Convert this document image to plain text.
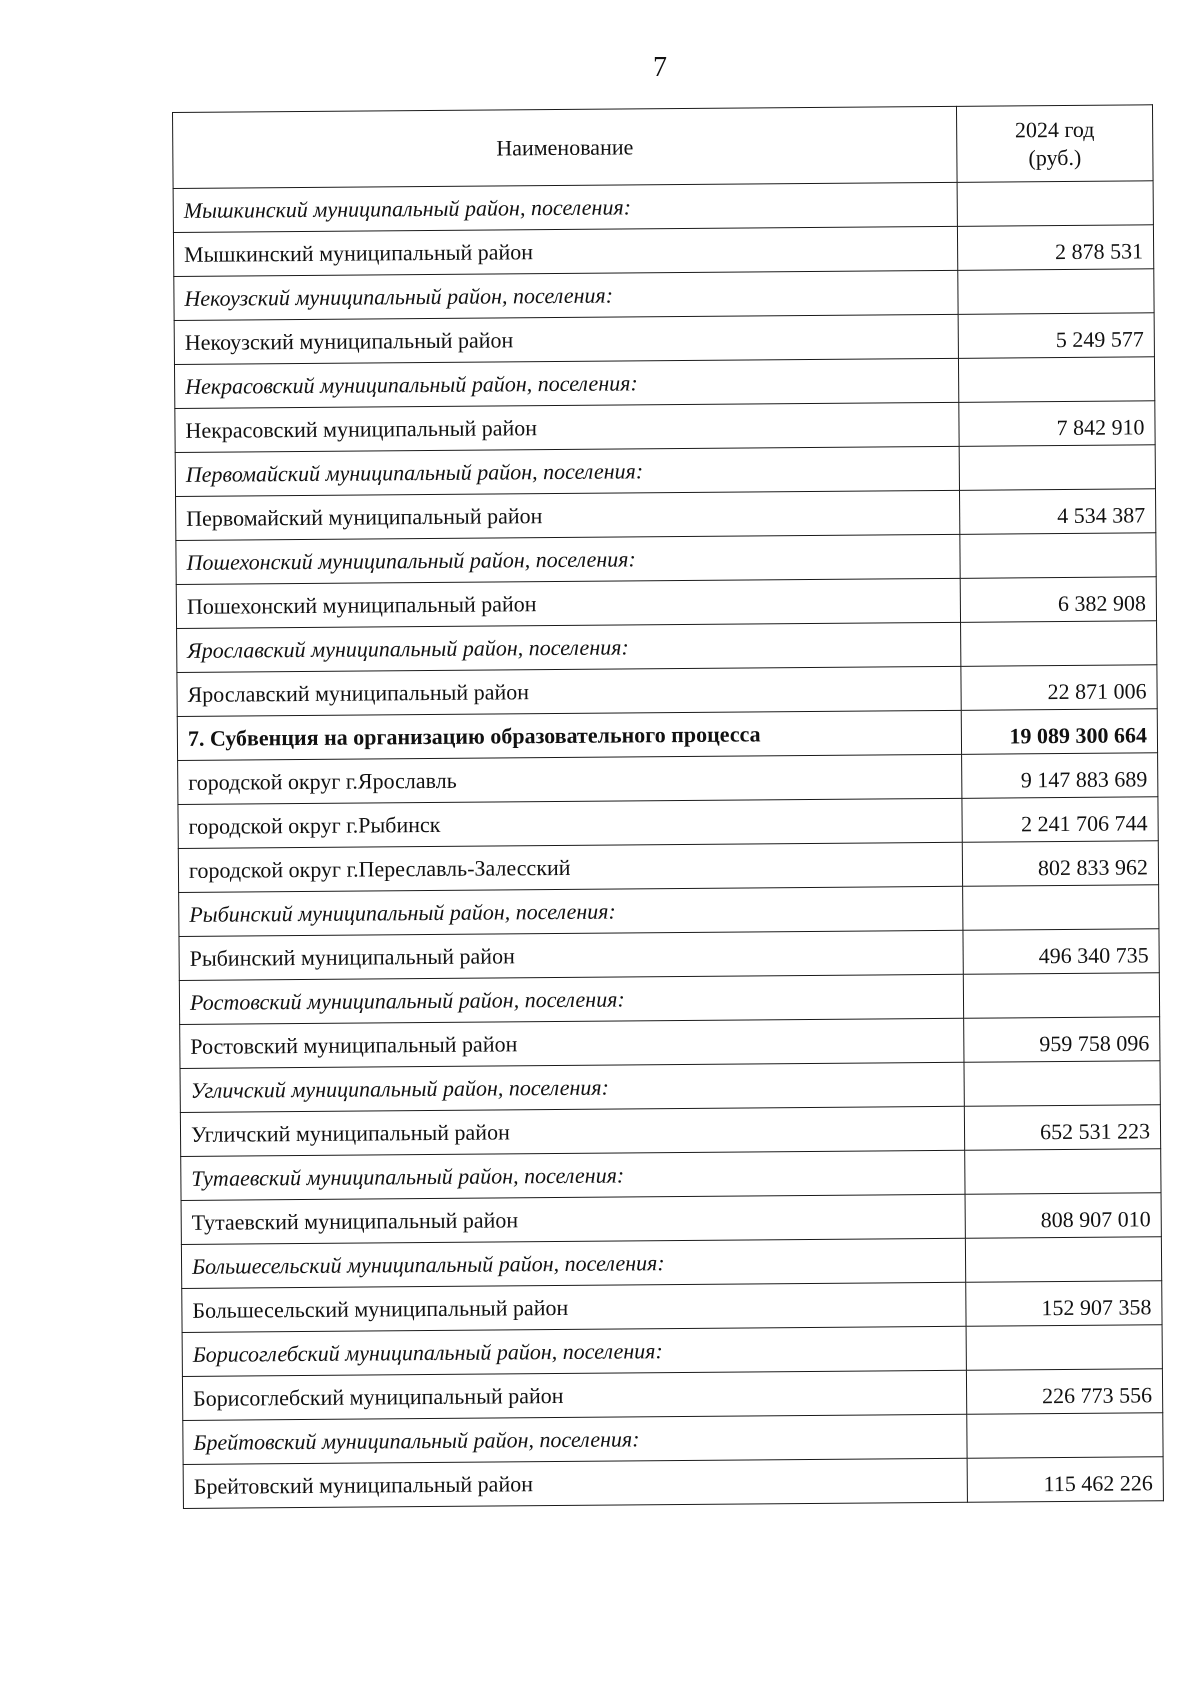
7
Наименование	2024 год
(руб.)
Мышкинский муниципальный район, поселения:	
Мышкинский муниципальный район	2 878 531
Некоузский муниципальный район, поселения:	
Некоузский муниципальный район	5 249 577
Некрасовский муниципальный район, поселения:	
Некрасовский муниципальный район	7 842 910
Первомайский муниципальный район, поселения:	
Первомайский муниципальный район	4 534 387
Пошехонский муниципальный район, поселения:	
Пошехонский муниципальный район	6 382 908
Ярославский муниципальный район, поселения:	
Ярославский муниципальный район	22 871 006
7. Субвенция на организацию образовательного процесса	19 089 300 664
городской округ г.Ярославль	9 147 883 689
городской округ г.Рыбинск	2 241 706 744
городской округ г.Переславль-Залесский	802 833 962
Рыбинский муниципальный район, поселения:	
Рыбинский муниципальный район	496 340 735
Ростовский муниципальный район, поселения:	
Ростовский муниципальный район	959 758 096
Угличский муниципальный район, поселения:	
Угличский муниципальный район	652 531 223
Тутаевский муниципальный район, поселения:	
Тутаевский муниципальный район	808 907 010
Большесельский муниципальный район, поселения:	
Большесельский муниципальный район	152 907 358
Борисоглебский муниципальный район, поселения:	
Борисоглебский муниципальный район	226 773 556
Брейтовский муниципальный район, поселения:	
Брейтовский муниципальный район	115 462 226
